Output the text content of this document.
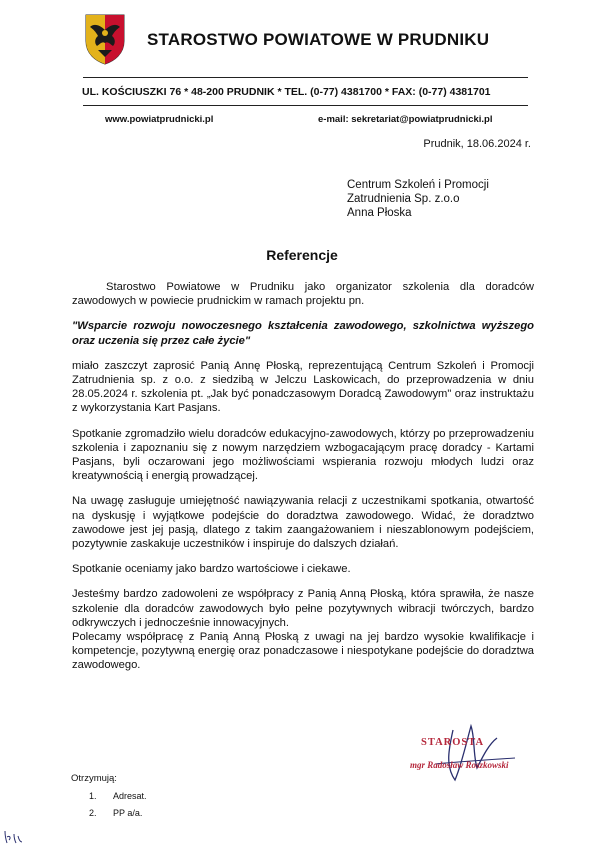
STAROSTWO POWIATOWE W PRUDNIKU
UL. KOŚCIUSZKI 76 * 48-200 PRUDNIK * TEL. (0-77) 4381700 * FAX: (0-77) 4381701
www.powiatprudnicki.pl	e-mail: sekretariat@powiatprudnicki.pl
Prudnik, 18.06.2024 r.
Centrum Szkoleń i Promocji
Zatrudnienia Sp. z.o.o
Anna Płoska
Referencje

Starostwo Powiatowe w Prudniku jako organizator szkolenia dla doradców zawodowych w powiecie prudnickim w ramach projektu pn.

"Wsparcie rozwoju nowoczesnego kształcenia zawodowego, szkolnictwa wyższego oraz uczenia się przez całe życie"

miało zaszczyt zaprosić Panią Annę Płoską, reprezentującą Centrum Szkoleń i Promocji Zatrudnienia sp. z o.o. z siedzibą w Jelczu Laskowicach, do przeprowadzenia w dniu 28.05.2024 r. szkolenia pt. „Jak być ponadczasowym Doradcą Zawodowym" oraz instruktażu z wykorzystania Kart Pasjans.

Spotkanie zgromadziło wielu doradców edukacyjno-zawodowych, którzy po przeprowadzeniu szkolenia i zapoznaniu się z nowym narzędziem wzbogacającym pracę doradcy - Kartami Pasjans, byli oczarowani jego możliwościami wspierania rozwoju młodych ludzi oraz kreatywnością i energią prowadzącej.

Na uwagę zasługuje umiejętność nawiązywania relacji z uczestnikami spotkania, otwartość na dyskusję i wyjątkowe podejście do doradztwa zawodowego. Widać, że doradztwo zawodowe jest jej pasją, dlatego z takim zaangażowaniem i nieszablonowym podejściem, pozytywnie zaskakuje uczestników i inspiruje do dalszych działań.

Spotkanie oceniamy jako bardzo wartościowe i ciekawe.

Jesteśmy bardzo zadowoleni ze współpracy z Panią Anną Płoską, która sprawiła, że nasze szkolenie dla doradców zawodowych było pełne pozytywnych wibracji twórczych, bardzo odkrywczych i jednocześnie innowacyjnych.

Polecamy współpracę z Panią Anną Płoską z uwagi na jej bardzo wysokie kwalifikacje i kompetencje, pozytywną energię oraz ponadczasowe i niespotykane podejście do doradztwa zawodowego.

STAROSTA
mgr Radosław Roszkowski
Otrzymują:
1. Adresat.
2. PP a/a.
